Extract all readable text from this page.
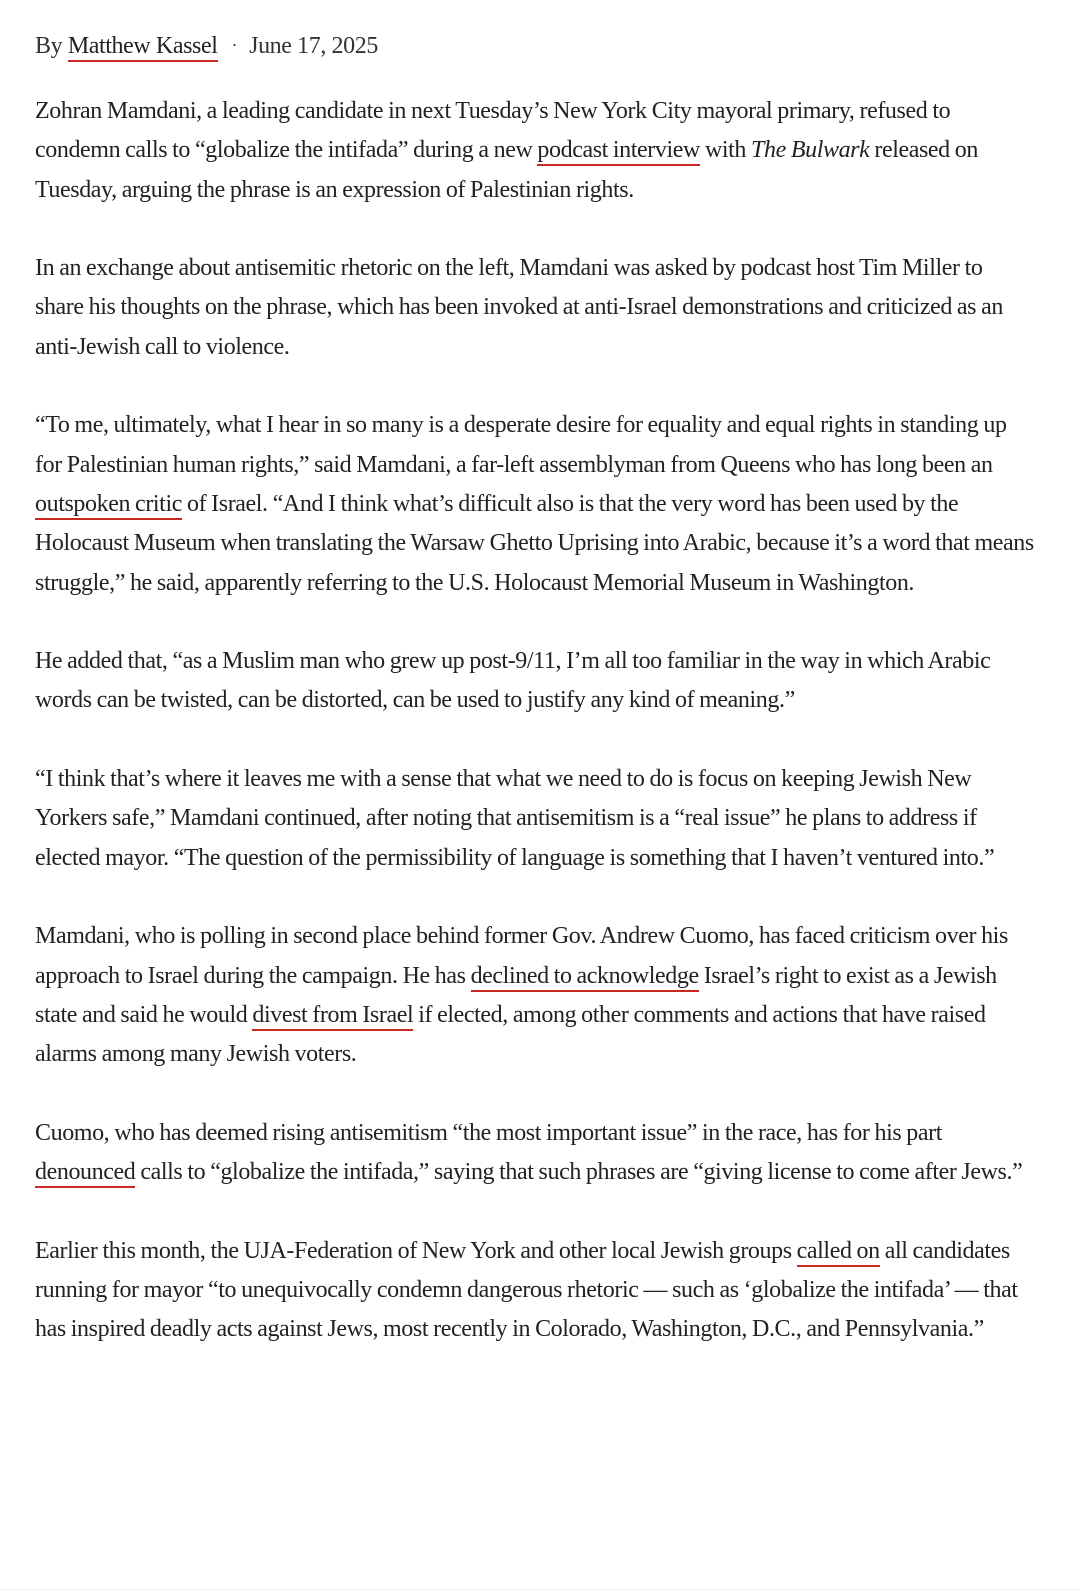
By Matthew Kassel · June 17, 2025

Zohran Mamdani, a leading candidate in next Tuesday’s New York City mayoral primary, refused to condemn calls to “globalize the intifada” during a new podcast interview with The Bulwark released on Tuesday, arguing the phrase is an expression of Palestinian rights.

In an exchange about antisemitic rhetoric on the left, Mamdani was asked by podcast host Tim Miller to share his thoughts on the phrase, which has been invoked at anti-Israel demonstrations and criticized as an anti-Jewish call to violence.

“To me, ultimately, what I hear in so many is a desperate desire for equality and equal rights in standing up for Palestinian human rights,” said Mamdani, a far-left assemblyman from Queens who has long been an outspoken critic of Israel. “And I think what’s difficult also is that the very word has been used by the Holocaust Museum when translating the Warsaw Ghetto Uprising into Arabic, because it’s a word that means struggle,” he said, apparently referring to the U.S. Holocaust Memorial Museum in Washington.

He added that, “as a Muslim man who grew up post-9/11, I’m all too familiar in the way in which Arabic words can be twisted, can be distorted, can be used to justify any kind of meaning.”

“I think that’s where it leaves me with a sense that what we need to do is focus on keeping Jewish New Yorkers safe,” Mamdani continued, after noting that antisemitism is a “real issue” he plans to address if elected mayor. “The question of the permissibility of language is something that I haven’t ventured into.”

Mamdani, who is polling in second place behind former Gov. Andrew Cuomo, has faced criticism over his approach to Israel during the campaign. He has declined to acknowledge Israel’s right to exist as a Jewish state and said he would divest from Israel if elected, among other comments and actions that have raised alarms among many Jewish voters.

Cuomo, who has deemed rising antisemitism “the most important issue” in the race, has for his part denounced calls to “globalize the intifada,” saying that such phrases are “giving license to come after Jews.”

Earlier this month, the UJA-Federation of New York and other local Jewish groups called on all candidates running for mayor “to unequivocally condemn dangerous rhetoric — such as ‘globalize the intifada’ — that has inspired deadly acts against Jews, most recently in Colorado, Washington, D.C., and Pennsylvania.”
